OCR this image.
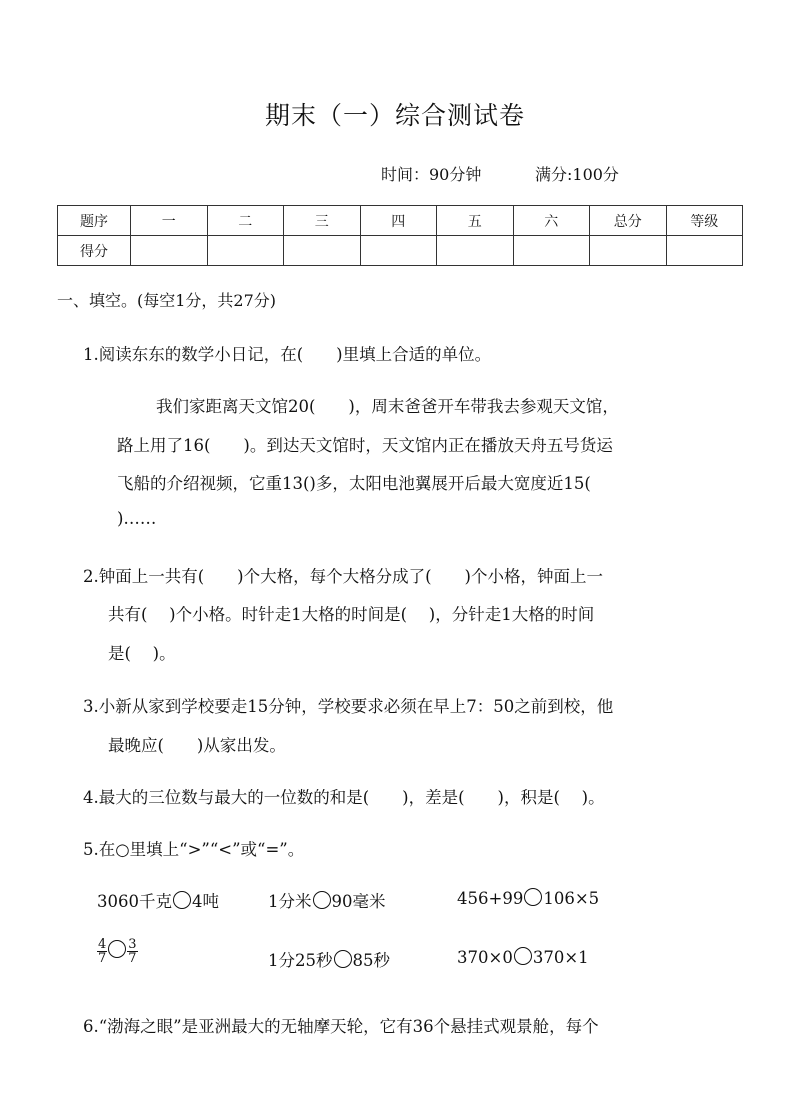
期末（一）综合测试卷
时间：90分钟	满分:100分
题序	一	二	三	四	五	六	总分	等级
得分								
一、填空。(每空1分，共27分)
1.阅读东东的数学小日记，在(　　)里填上合适的单位。
我们家距离天文馆20(　　)，周末爸爸开车带我去参观天文馆，
路上用了16(　　)。到达天文馆时，天文馆内正在播放天舟五号货运
飞船的介绍视频，它重13()多，太阳电池翼展开后最大宽度近15(
)……
2.钟面上一共有(　　)个大格，每个大格分成了(　　)个小格，钟面上一
共有(　 )个小格。时针走1大格的时间是(　 )，分针走1大格的时间
是(　 )。
3.小新从家到学校要走15分钟，学校要求必须在早上7：50之前到校，他
最晚应(　　)从家出发。
4.最大的三位数与最大的一位数的和是(　　)，差是(　　)，积是(　 )。
5.在○里填上“>”“<”或“=”。
3060千克 4吨	1分米 90毫米	456+99 106×5
$\frac{4}{7} \frac{3}{7}$	1分25秒 85秒	370×0 370×1
6.“渤海之眼”是亚洲最大的无轴摩天轮，它有36个悬挂式观景舱，每个
